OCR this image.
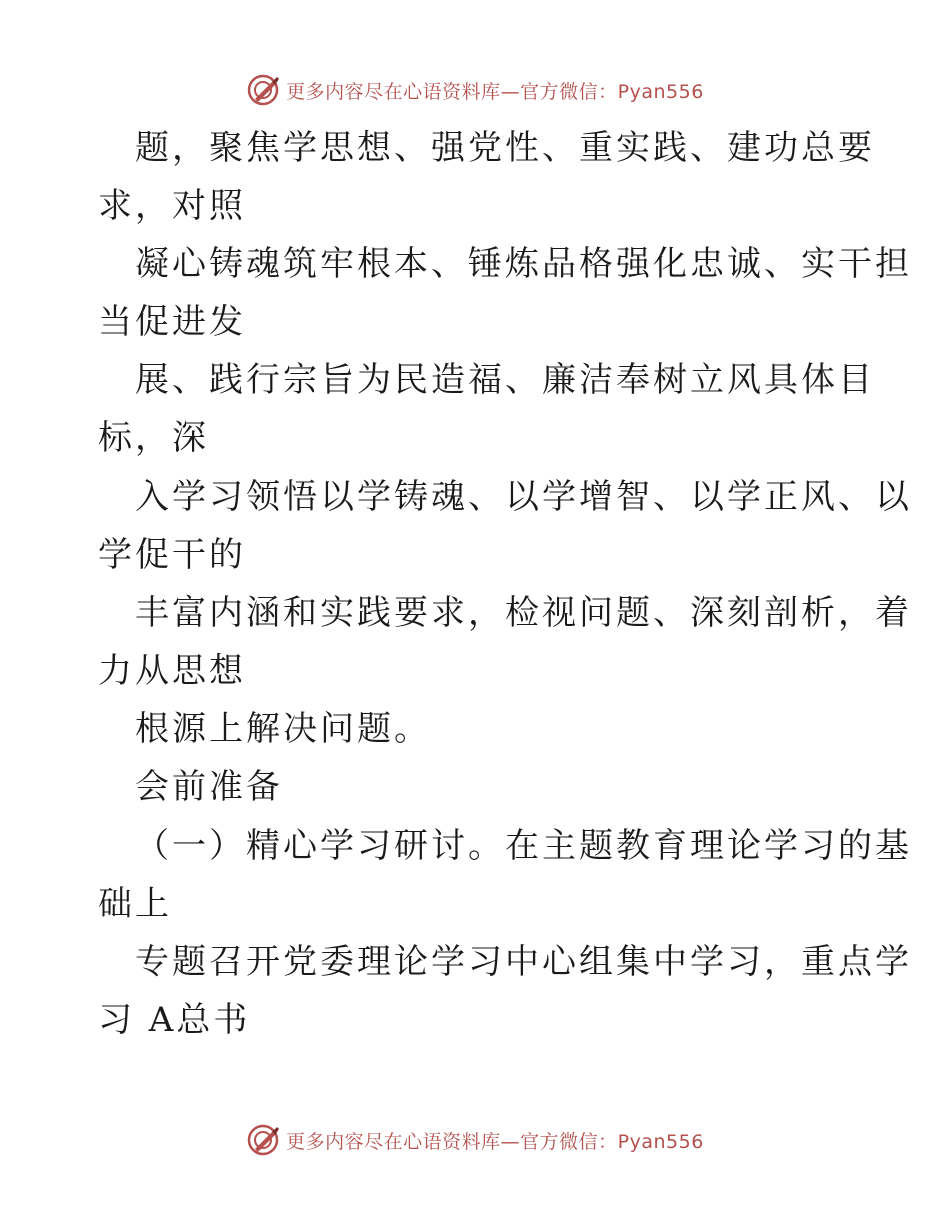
更多内容尽在心语资料库—官方微信：Pyan556
题，聚焦学思想、强党性、重实践、建功总要
求，对照
凝心铸魂筑牢根本、锤炼品格强化忠诚、实干担
当促进发
展、践行宗旨为民造福、廉洁奉树立风具体目
标，深
入学习领悟以学铸魂、以学增智、以学正风、以
学促干的
丰富内涵和实践要求，检视问题、深刻剖析，着
力从思想
根源上解决问题。
会前准备
（一）精心学习研讨。在主题教育理论学习的基
础上
专题召开党委理论学习中心组集中学习，重点学
习 A总书
更多内容尽在心语资料库—官方微信：Pyan556
